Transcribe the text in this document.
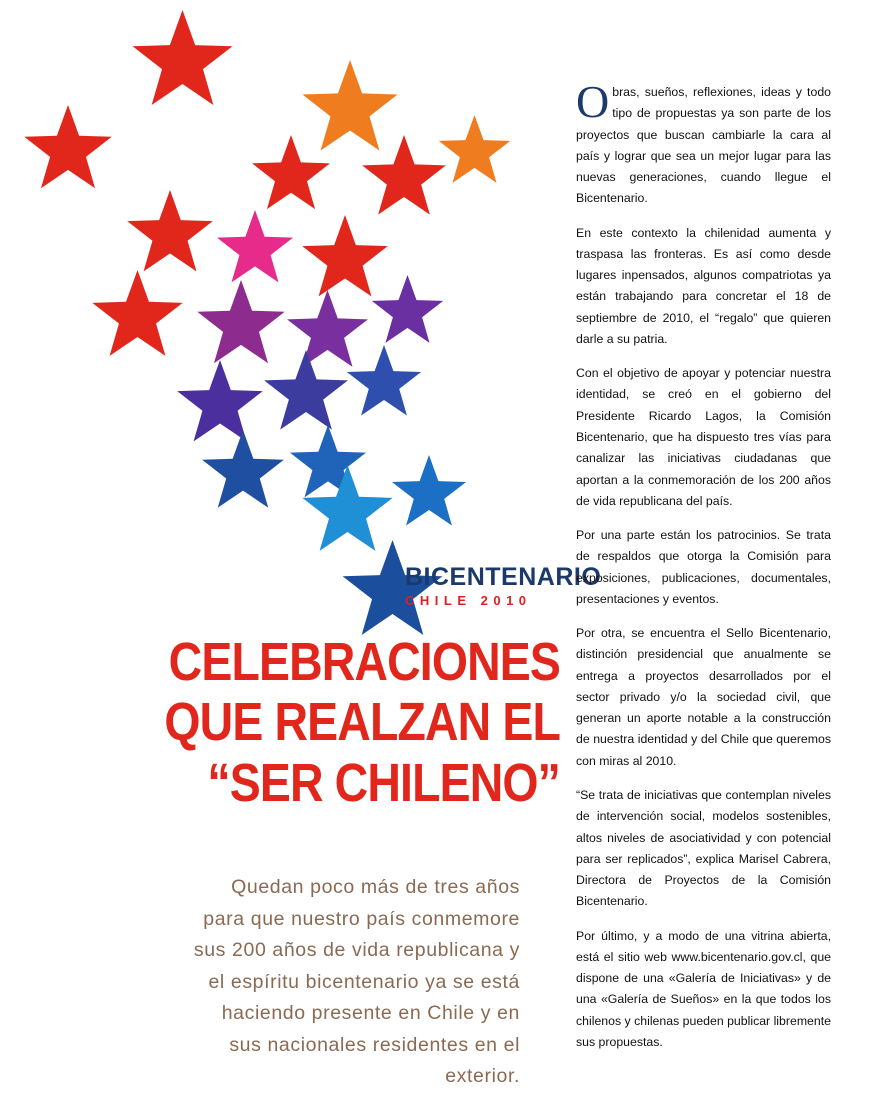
BICENTENARIO
CHILE 2010
CELEBRACIONES
QUE REALZAN EL
“SER CHILENO”

Quedan poco más de tres años para que nuestro país conmemore sus 200 años de vida republicana y el espíritu bicentenario ya se está haciendo presente en Chile y en sus nacionales residentes en el exterior.

Obras, sueños, reflexiones, ideas y todo tipo de propuestas ya son parte de los proyectos que buscan cambiarle la cara al país y lograr que sea un mejor lugar para las nuevas generaciones, cuando llegue el Bicentenario.

En este contexto la chilenidad aumenta y traspasa las fronteras. Es así como desde lugares inpensados, algunos compatriotas ya están trabajando para concretar el 18 de septiembre de 2010, el “regalo” que quieren darle a su patria.

Con el objetivo de apoyar y potenciar nuestra identidad, se creó en el gobierno del Presidente Ricardo Lagos, la Comisión Bicentenario, que ha dispuesto tres vías para canalizar las iniciativas ciudadanas que aportan a la conmemoración de los 200 años de vida republicana del país.

Por una parte están los patrocinios. Se trata de respaldos que otorga la Comisión para exposiciones, publicaciones, documentales, presentaciones y eventos.

Por otra, se encuentra el Sello Bicentenario, distinción presidencial que anualmente se entrega a proyectos desarrollados por el sector privado y/o la sociedad civil, que generan un aporte notable a la construcción de nuestra identidad y del Chile que queremos con miras al 2010.

“Se trata de iniciativas que contemplan niveles de intervención social, modelos sostenibles, altos niveles de asociatividad y con potencial para ser replicados”, explica Marisel Cabrera, Directora de Proyectos de la Comisión Bicentenario.

Por último, y a modo de una vitrina abierta, está el sitio web www.bicentenario.gov.cl, que dispone de una «Galería de Iniciativas» y de una «Galería de Sueños» en la que todos los chilenos y chilenas pueden publicar libremente sus propuestas.
